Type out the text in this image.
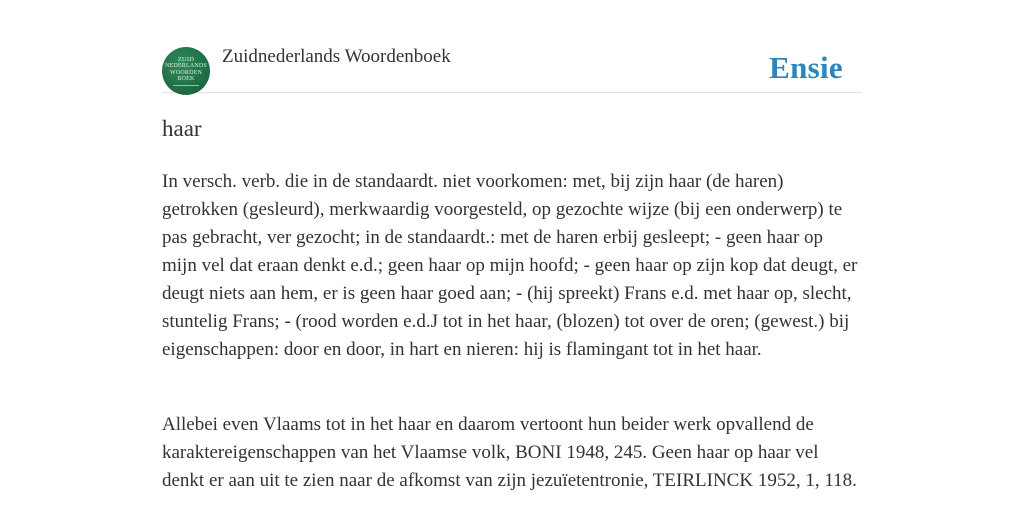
ZUID
NEDERLANDS
WOORDEN
BOEK
Zuidnederlands Woordenboek	Ensie
haar

In versch. verb. die in de standaardt. niet voorkomen: met, bij zijn haar (de haren) getrokken (gesleurd), merkwaardig voorgesteld, op gezochte wijze (bij een onderwerp) te pas gebracht, ver gezocht; in de standaardt.: met de haren erbij gesleept; - geen haar op mijn vel dat eraan denkt e.d.; geen haar op mijn hoofd; - geen haar op zijn kop dat deugt, er deugt niets aan hem, er is geen haar goed aan; - (hij spreekt) Frans e.d. met haar op, slecht, stuntelig Frans; - (rood worden e.d.J tot in het haar, (blozen) tot over de oren; (gewest.) bij eigenschappen: door en door, in hart en nieren: hij is flamingant tot in het haar.

Allebei even Vlaams tot in het haar en daarom vertoont hun beider werk opvallend de karaktereigenschappen van het Vlaamse volk, BONI 1948, 245. Geen haar op haar vel denkt er aan uit te zien naar de afkomst van zijn jezuïetentronie, TEIRLINCK 1952, 1, 118.
